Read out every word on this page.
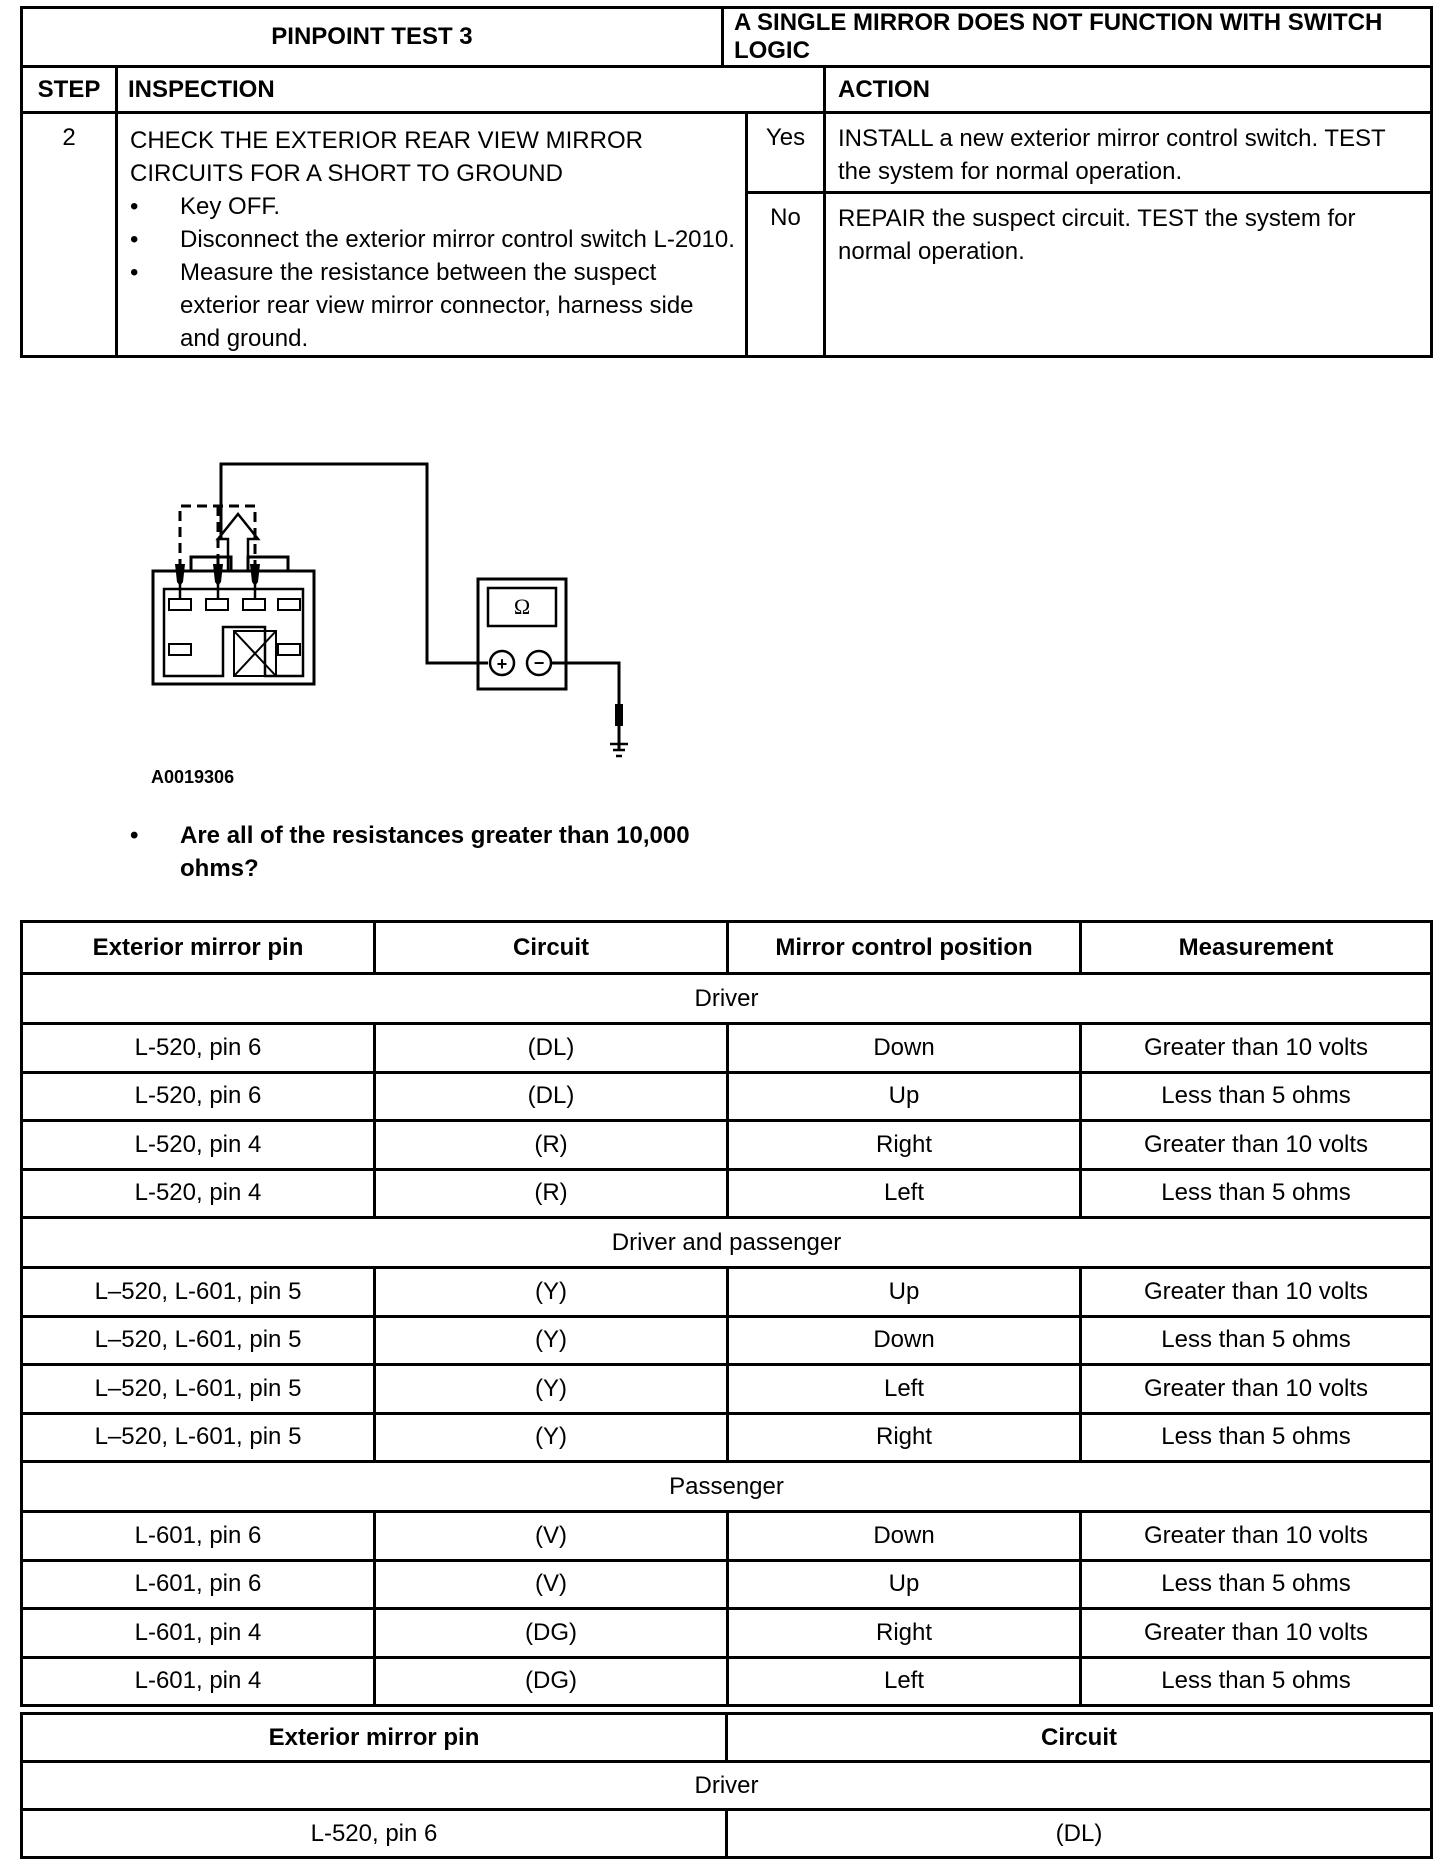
PINPOINT TEST 3		A SINGLE MIRROR DOES NOT FUNCTION WITH SWITCH LOGIC		
STEP	INSPECTION			ACTION
2	CHECK THE EXTERIOR REAR VIEW MIRROR CIRCUITS FOR A SHORT TO GROUND
• Key OFF.
• Disconnect the exterior mirror control switch L-2010.
• Measure the resistance between the suspect exterior rear view mirror connector, harness side and ground.
Ω
+ −
A0019306
• Are all of the resistances greater than 10,000 ohms?
	Yes	INSTALL a new exterior mirror control switch. TEST the system for normal operation.

			No	REPAIR the suspect circuit. TEST the system for normal operation.
Exterior mirror pin	Circuit	Mirror control position	Measurement
Driver			
L-520, pin 6	(DL)	Down	Greater than 10 volts
L-520, pin 6	(DL)	Up	Less than 5 ohms
L-520, pin 4	(R)	Right	Greater than 10 volts
L-520, pin 4	(R)	Left	Less than 5 ohms
Driver and passenger			
L–520, L-601, pin 5	(Y)	Up	Greater than 10 volts
L–520, L-601, pin 5	(Y)	Down	Less than 5 ohms
L–520, L-601, pin 5	(Y)	Left	Greater than 10 volts
L–520, L-601, pin 5	(Y)	Right	Less than 5 ohms
Passenger			
L-601, pin 6	(V)	Down	Greater than 10 volts
L-601, pin 6	(V)	Up	Less than 5 ohms
L-601, pin 4	(DG)	Right	Greater than 10 volts
L-601, pin 4	(DG)	Left	Less than 5 ohms
Exterior mirror pin	Circuit
Driver	
L-520, pin 6	(DL)
